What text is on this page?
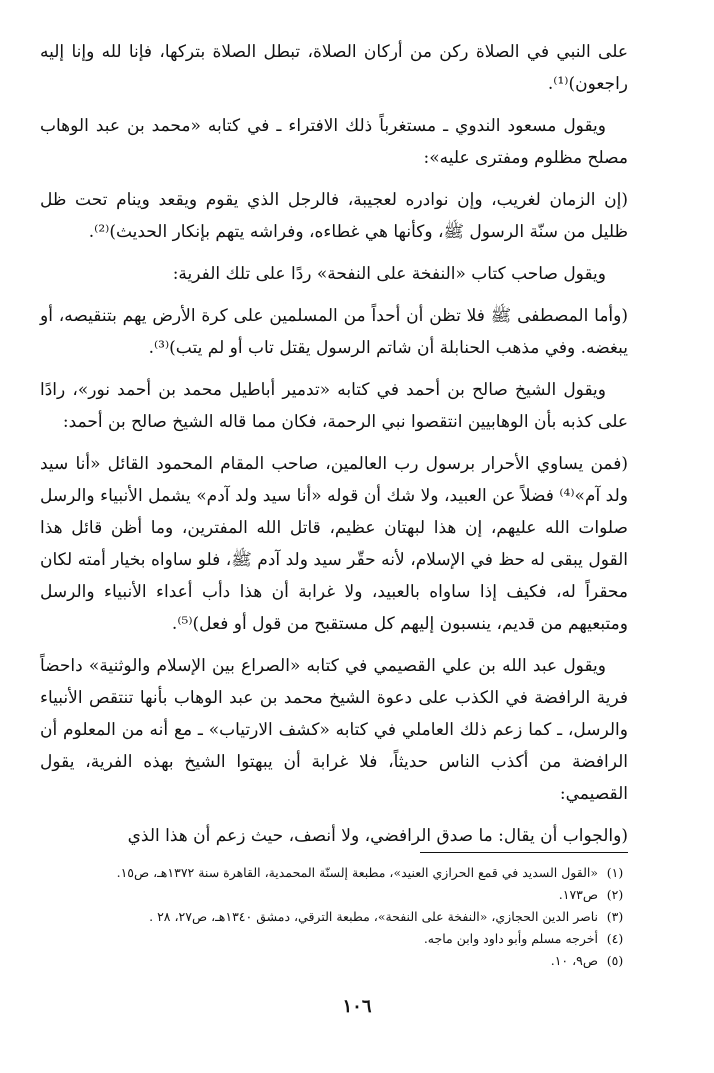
على النبي في الصلاة ركن من أركان الصلاة، تبطل الصلاة بتركها، فإنا لله وإنا إليه راجعون)⁽¹⁾.

ويقول مسعود الندوي ـ مستغرباً ذلك الافتراء ـ في كتابه «محمد بن عبد الوهاب مصلح مظلوم ومفترى عليه»:

(إن الزمان لغريب، وإن نوادره لعجيبة، فالرجل الذي يقوم ويقعد وينام تحت ظل ظليل من سنّة الرسول ﷺ، وكأنها هي غطاءه، وفراشه يتهم بإنكار الحديث)⁽²⁾.

ويقول صاحب كتاب «النفخة على النفحة» ردًا على تلك الفرية:

(وأما المصطفى ﷺ فلا تظن أن أحداً من المسلمين على كرة الأرض يهم بتنقيصه، أو يبغضه. وفي مذهب الحنابلة أن شاتم الرسول يقتل تاب أو لم يتب)⁽³⁾.

ويقول الشيخ صالح بن أحمد في كتابه «تدمير أباطيل محمد بن أحمد نور»، رادًا على كذبه بأن الوهابيين انتقصوا نبي الرحمة، فكان مما قاله الشيخ صالح بن أحمد:

(فمن يساوي الأحرار برسول رب العالمين، صاحب المقام المحمود القائل «أنا سيد ولد آم»⁽⁴⁾ فضلاً عن العبيد، ولا شك أن قوله «أنا سيد ولد آدم» يشمل الأنبياء والرسل صلوات الله عليهم، إن هذا لبهتان عظيم، قاتل الله المفترين، وما أظن قائل هذا القول يبقى له حظ في الإسلام، لأنه حقّر سيد ولد آدم ﷺ، فلو ساواه بخيار أمته لكان محقراً له، فكيف إذا ساواه بالعبيد، ولا غرابة أن هذا دأب أعداء الأنبياء والرسل ومتبعيهم من قديم، ينسبون إليهم كل مستقبح من قول أو فعل)⁽⁵⁾.

ويقول عبد الله بن علي القصيمي في كتابه «الصراع بين الإسلام والوثنية» داحضاً فرية الرافضة في الكذب على دعوة الشيخ محمد بن عبد الوهاب بأنها تنتقص الأنبياء والرسل، ـ كما زعم ذلك العاملي في كتابه «كشف الارتياب» ـ مع أنه من المعلوم أن الرافضة من أكذب الناس حديثاً، فلا غرابة أن يبهتوا الشيخ بهذه الفرية، يقول القصيمي:

(والجواب أن يقال: ما صدق الرافضي، ولا أنصف، حيث زعم أن هذا الذي

(١) «القول السديد في قمع الحرازي العنيد»، مطبعة إلسنّة المحمدية، القاهرة سنة ١٣٧٢هـ، ص١٥.
(٢) ص١٧٣.
(٣) ناصر الدين الحجازي، «النفخة على النفحة»، مطبعة الترقي، دمشق ١٣٤٠هـ، ص٢٧، ٢٨ .
(٤) أخرجه مسلم وأبو داود وابن ماجه.
(٥) ص٩، ١٠.
١٠٦
